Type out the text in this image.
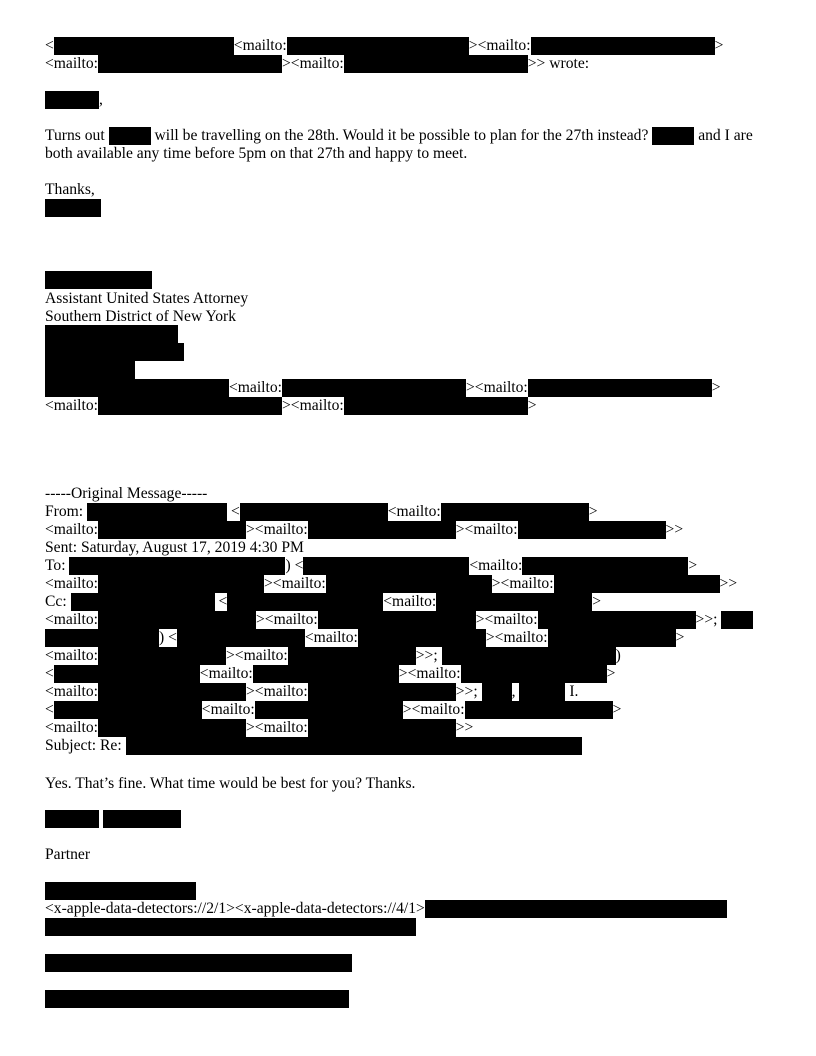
<	<mailto:	><mailto:	>
<mailto:	><mailto:	>> wrote:
,
Turns out	will be travelling on the 28th. Would it be possible to plan for the 27th instead?	and I are
both available any time before 5pm on that 27th and happy to meet.
Thanks,
Assistant United States Attorney
Southern District of New York
<mailto:	><mailto:	>
<mailto:	><mailto:	>
-----Original Message-----
From:	<	<mailto:	>
<mailto:	><mailto:	><mailto:	>>
Sent: Saturday, August 17, 2019 4:30 PM
To:	) <	<mailto:	>
<mailto:	><mailto:	><mailto:	>>
Cc:	<	<mailto:	>
<mailto:	><mailto:	><mailto:	>>;
) <	<mailto:	><mailto:	>
<mailto:	><mailto:	>>;	)
<	<mailto:	><mailto:	>
<mailto:	><mailto:	>>; ,	I.
<	<mailto:	><mailto:	>
<mailto:	><mailto:	>>
Subject: Re:
Yes. That’s fine. What time would be best for you? Thanks.

Partner
<x-apple-data-detectors://2/1><x-apple-data-detectors://4/1>
